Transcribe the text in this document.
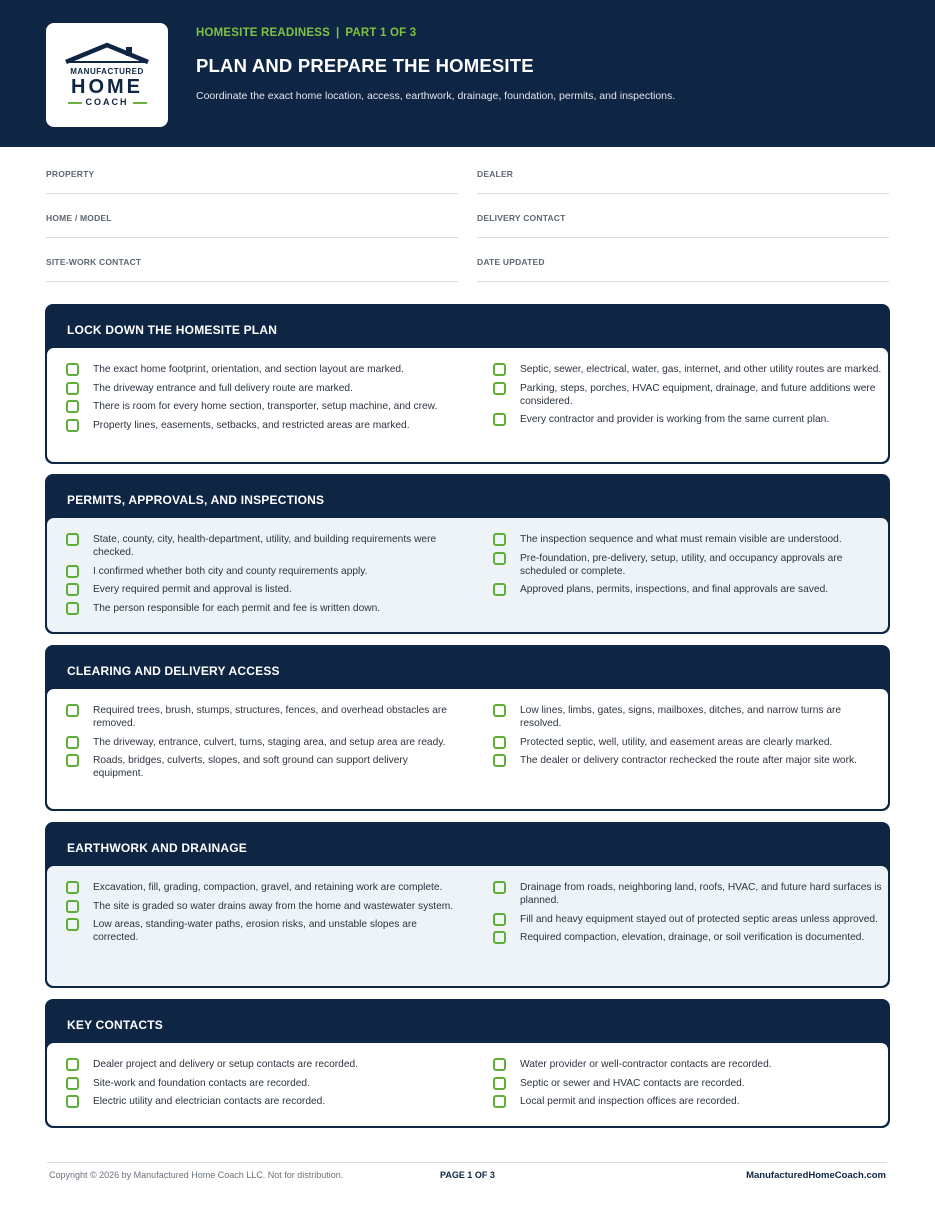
MANUFACTURED
HOME
COACH
HOMESITE READINESS | PART 1 OF 3
PLAN AND PREPARE THE HOMESITE
Coordinate the exact home location, access, earthwork, drainage, foundation, permits, and inspections.
PROPERTY	DEALER
HOME / MODEL	DELIVERY CONTACT
SITE-WORK CONTACT	DATE UPDATED
LOCK DOWN THE HOMESITE PLAN
The exact home footprint, orientation, and section layout are marked.
The driveway entrance and full delivery route are marked.
There is room for every home section, transporter, setup machine, and crew.
Property lines, easements, setbacks, and restricted areas are marked.
Septic, sewer, electrical, water, gas, internet, and other utility routes are marked.
Parking, steps, porches, HVAC equipment, drainage, and future additions were considered.
Every contractor and provider is working from the same current plan.
PERMITS, APPROVALS, AND INSPECTIONS
State, county, city, health-department, utility, and building requirements were checked.
I confirmed whether both city and county requirements apply.
Every required permit and approval is listed.
The person responsible for each permit and fee is written down.
The inspection sequence and what must remain visible are understood.
Pre-foundation, pre-delivery, setup, utility, and occupancy approvals are scheduled or complete.
Approved plans, permits, inspections, and final approvals are saved.
CLEARING AND DELIVERY ACCESS
Required trees, brush, stumps, structures, fences, and overhead obstacles are removed.
The driveway, entrance, culvert, turns, staging area, and setup area are ready.
Roads, bridges, culverts, slopes, and soft ground can support delivery equipment.
Low lines, limbs, gates, signs, mailboxes, ditches, and narrow turns are resolved.
Protected septic, well, utility, and easement areas are clearly marked.
The dealer or delivery contractor rechecked the route after major site work.
EARTHWORK AND DRAINAGE
Excavation, fill, grading, compaction, gravel, and retaining work are complete.
The site is graded so water drains away from the home and wastewater system.
Low areas, standing-water paths, erosion risks, and unstable slopes are corrected.
Drainage from roads, neighboring land, roofs, HVAC, and future hard surfaces is planned.
Fill and heavy equipment stayed out of protected septic areas unless approved.
Required compaction, elevation, drainage, or soil verification is documented.
KEY CONTACTS
Dealer project and delivery or setup contacts are recorded.
Site-work and foundation contacts are recorded.
Electric utility and electrician contacts are recorded.
Water provider or well-contractor contacts are recorded.
Septic or sewer and HVAC contacts are recorded.
Local permit and inspection offices are recorded.
Copyright © 2026 by Manufactured Home Coach LLC. Not for distribution.	PAGE 1 OF 3	ManufacturedHomeCoach.com
